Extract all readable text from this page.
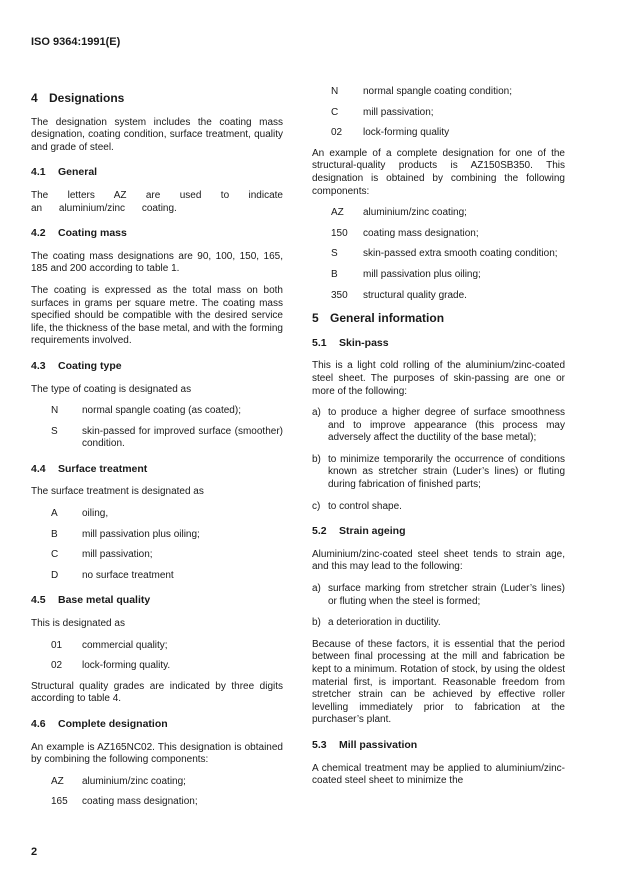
ISO 9364:1991(E)
4 Designations

The designation system includes the coating mass designation, coating condition, surface treatment, quality and grade of steel.

4.1 General

The letters AZ are used to indicate an aluminium/zinc coating.

4.2 Coating mass

The coating mass designations are 90, 100, 150, 165, 185 and 200 according to table 1.

The coating is expressed as the total mass on both surfaces in grams per square metre. The coating mass specified should be compatible with the desired service life, the thickness of the base metal, and with the forming requirements involved.

4.3 Coating type

The type of coating is designated as

N	normal spangle coating (as coated);
S	skin-passed for improved surface (smoother) condition.
4.4 Surface treatment

The surface treatment is designated as

A	oiling,
B	mill passivation plus oiling;
C	mill passivation;
D	no surface treatment
4.5 Base metal quality

This is designated as

01	commercial quality;
02	lock-forming quality.

Structural quality grades are indicated by three digits according to table 4.

4.6 Complete designation

An example is AZ165NC02. This designation is obtained by combining the following components:

AZ	aluminium/zinc coating;
165	coating mass designation;
N	normal spangle coating condition;
C	mill passivation;
02	lock-forming quality

An example of a complete designation for one of the structural-quality products is AZ150SB350. This designation is obtained by combining the following components:

AZ	aluminium/zinc coating;
150	coating mass designation;
S	skin-passed extra smooth coating condition;
B	mill passivation plus oiling;
350	structural quality grade.
5 General information
5.1 Skin-pass

This is a light cold rolling of the aluminium/zinc-coated steel sheet. The purposes of skin-passing are one or more of the following:

a) to produce a higher degree of surface smoothness and to improve appearance (this process may adversely affect the ductility of the base metal);
b) to minimize temporarily the occurrence of conditions known as stretcher strain (Luder’s lines) or fluting during fabrication of finished parts;
c) to control shape.
5.2 Strain ageing

Aluminium/zinc-coated steel sheet tends to strain age, and this may lead to the following:

a) surface marking from stretcher strain (Luder’s lines) or fluting when the steel is formed;
b) a deterioration in ductility.

Because of these factors, it is essential that the period between final processing at the mill and fabrication be kept to a minimum. Rotation of stock, by using the oldest material first, is important. Reasonable freedom from stretcher strain can be achieved by effective roller levelling immediately prior to fabrication at the purchaser’s plant.

5.3 Mill passivation

A chemical treatment may be applied to aluminium/zinc-coated steel sheet to minimize the

2
